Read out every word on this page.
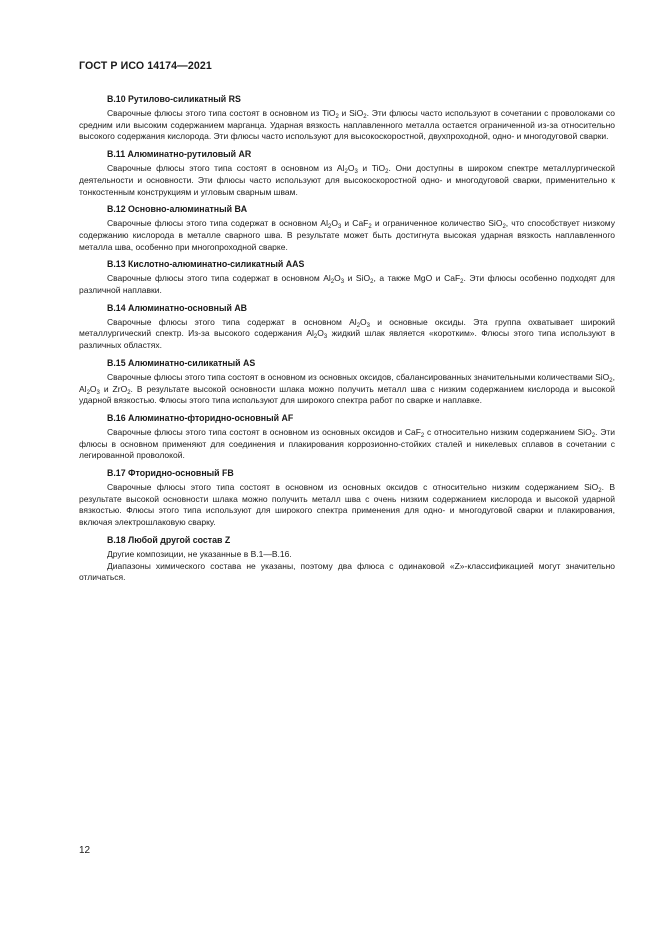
ГОСТ Р ИСО 14174—2021
В.10 Рутилово-силикатный RS

Сварочные флюсы этого типа состоят в основном из TiO$_2$ и SiO$_2$. Эти флюсы часто используют в сочетании с проволоками со средним или высоким содержанием марганца. Ударная вязкость наплавленного металла остается ограниченной из-за относительно высокого содержания кислорода. Эти флюсы часто используют для высокоскоростной, двухпроходной, одно- и многодуговой сварки.

В.11 Алюминатно-рутиловый AR

Сварочные флюсы этого типа состоят в основном из $Al_2O_3$ и TiO$_2$. Они доступны в широком спектре металлургической деятельности и основности. Эти флюсы часто используют для высокоскоростной одно- и многодуговой сварки, применительно к тонкостенным конструкциям и угловым сварным швам.

В.12 Основно-алюминатный BA

Сварочные флюсы этого типа содержат в основном $Al_2O_3$ и CaF$_2$ и ограниченное количество SiO$_2$, что способствует низкому содержанию кислорода в металле сварного шва. В результате может быть достигнута высокая ударная вязкость наплавленного металла шва, особенно при многопроходной сварке.

В.13 Кислотно-алюминатно-силикатный AAS

Сварочные флюсы этого типа содержат в основном $Al_2O_3$ и SiO$_2$, а также MgO и CaF$_2$. Эти флюсы особенно подходят для различной наплавки.

В.14 Алюминатно-основный AB

Сварочные флюсы этого типа содержат в основном $Al_2O_3$ и основные оксиды. Эта группа охватывает широкий металлургический спектр. Из-за высокого содержания $Al_2O_3$ жидкий шлак является «коротким». Флюсы этого типа используют в различных областях.

В.15 Алюминатно-силикатный AS

Сварочные флюсы этого типа состоят в основном из основных оксидов, сбалансированных значительными количествами SiO$_2$, $Al_2O_3$ и ZrO$_2$. В результате высокой основности шлака можно получить металл шва с низким содержанием кислорода и высокой ударной вязкостью. Флюсы этого типа используют для широкого спектра работ по сварке и наплавке.

В.16 Алюминатно-фторидно-основный AF

Сварочные флюсы этого типа состоят в основном из основных оксидов и CaF$_2$ с относительно низким содержанием SiO$_2$. Эти флюсы в основном применяют для соединения и плакирования коррозионно-стойких сталей и никелевых сплавов в сочетании с легированной проволокой.

В.17 Фторидно-основный FB

Сварочные флюсы этого типа состоят в основном из основных оксидов с относительно низким содержанием SiO$_2$. В результате высокой основности шлака можно получить металл шва с очень низким содержанием кислорода и высокой ударной вязкостью. Флюсы этого типа используют для широкого спектра применения для одно- и многодуговой сварки и плакирования, включая электрошлаковую сварку.

В.18 Любой другой состав Z

Другие композиции, не указанные в В.1—В.16.

Диапазоны химического состава не указаны, поэтому два флюса с одинаковой «Z»-классификацией могут значительно отличаться.

12
